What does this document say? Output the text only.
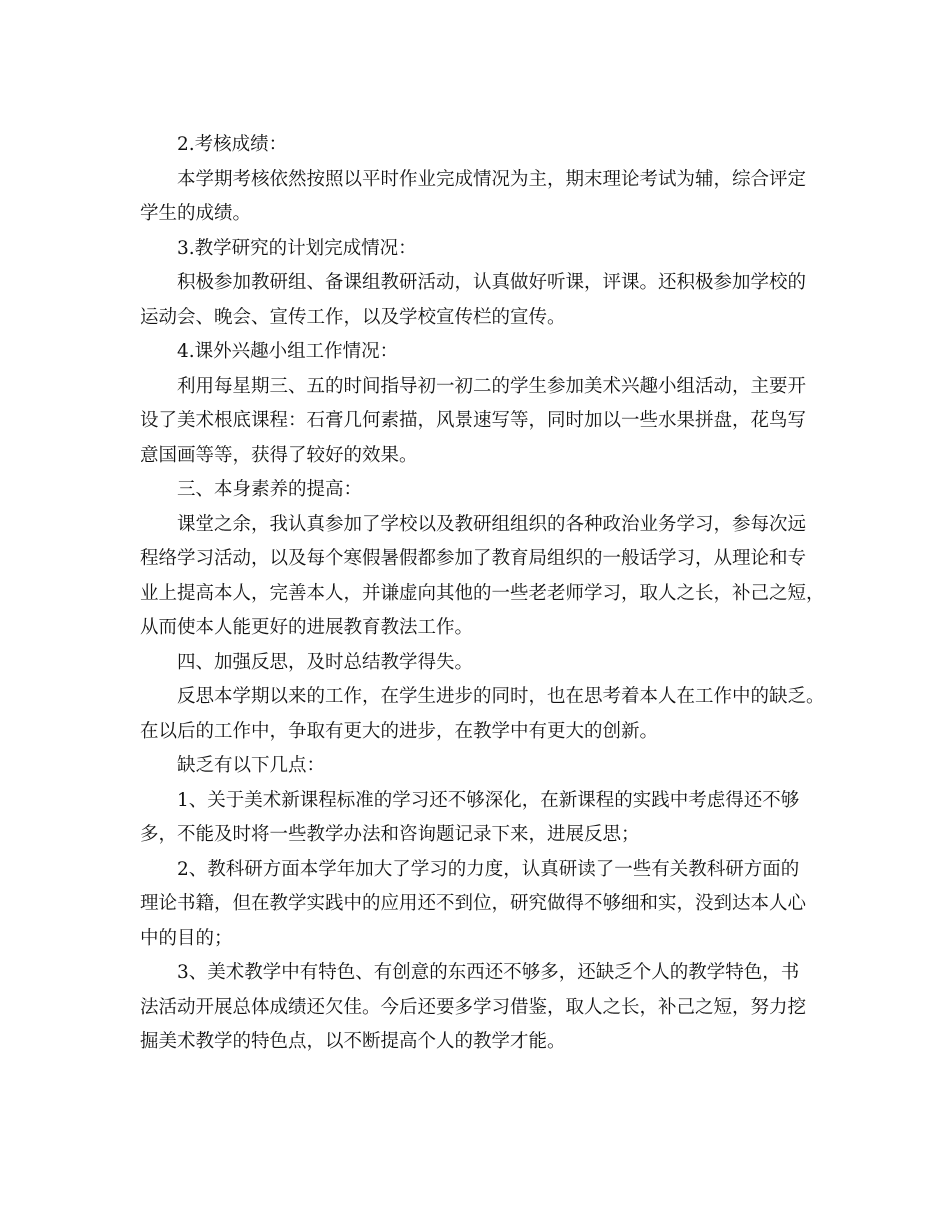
2.考核成绩：
本学期考核依然按照以平时作业完成情况为主，期末理论考试为辅，综合评定
学生的成绩。
3.教学研究的计划完成情况：
积极参加教研组、备课组教研活动，认真做好听课，评课。还积极参加学校的
运动会、晚会、宣传工作，以及学校宣传栏的宣传。
4.课外兴趣小组工作情况：
利用每星期三、五的时间指导初一初二的学生参加美术兴趣小组活动，主要开
设了美术根底课程：石膏几何素描，风景速写等，同时加以一些水果拼盘，花鸟写
意国画等等，获得了较好的效果。
三、本身素养的提高：
课堂之余，我认真参加了学校以及教研组组织的各种政治业务学习，参每次远
程络学习活动，以及每个寒假暑假都参加了教育局组织的一般话学习，从理论和专
业上提高本人，完善本人，并谦虚向其他的一些老老师学习，取人之长，补己之短，
从而使本人能更好的进展教育教法工作。
四、加强反思，及时总结教学得失。
反思本学期以来的工作，在学生进步的同时，也在思考着本人在工作中的缺乏。
在以后的工作中，争取有更大的进步，在教学中有更大的创新。
缺乏有以下几点：
1、关于美术新课程标准的学习还不够深化，在新课程的实践中考虑得还不够
多，不能及时将一些教学办法和咨询题记录下来，进展反思；
2、教科研方面本学年加大了学习的力度，认真研读了一些有关教科研方面的
理论书籍，但在教学实践中的应用还不到位，研究做得不够细和实，没到达本人心
中的目的；
3、美术教学中有特色、有创意的东西还不够多，还缺乏个人的教学特色，书
法活动开展总体成绩还欠佳。今后还要多学习借鉴，取人之长，补己之短，努力挖
掘美术教学的特色点，以不断提高个人的教学才能。
